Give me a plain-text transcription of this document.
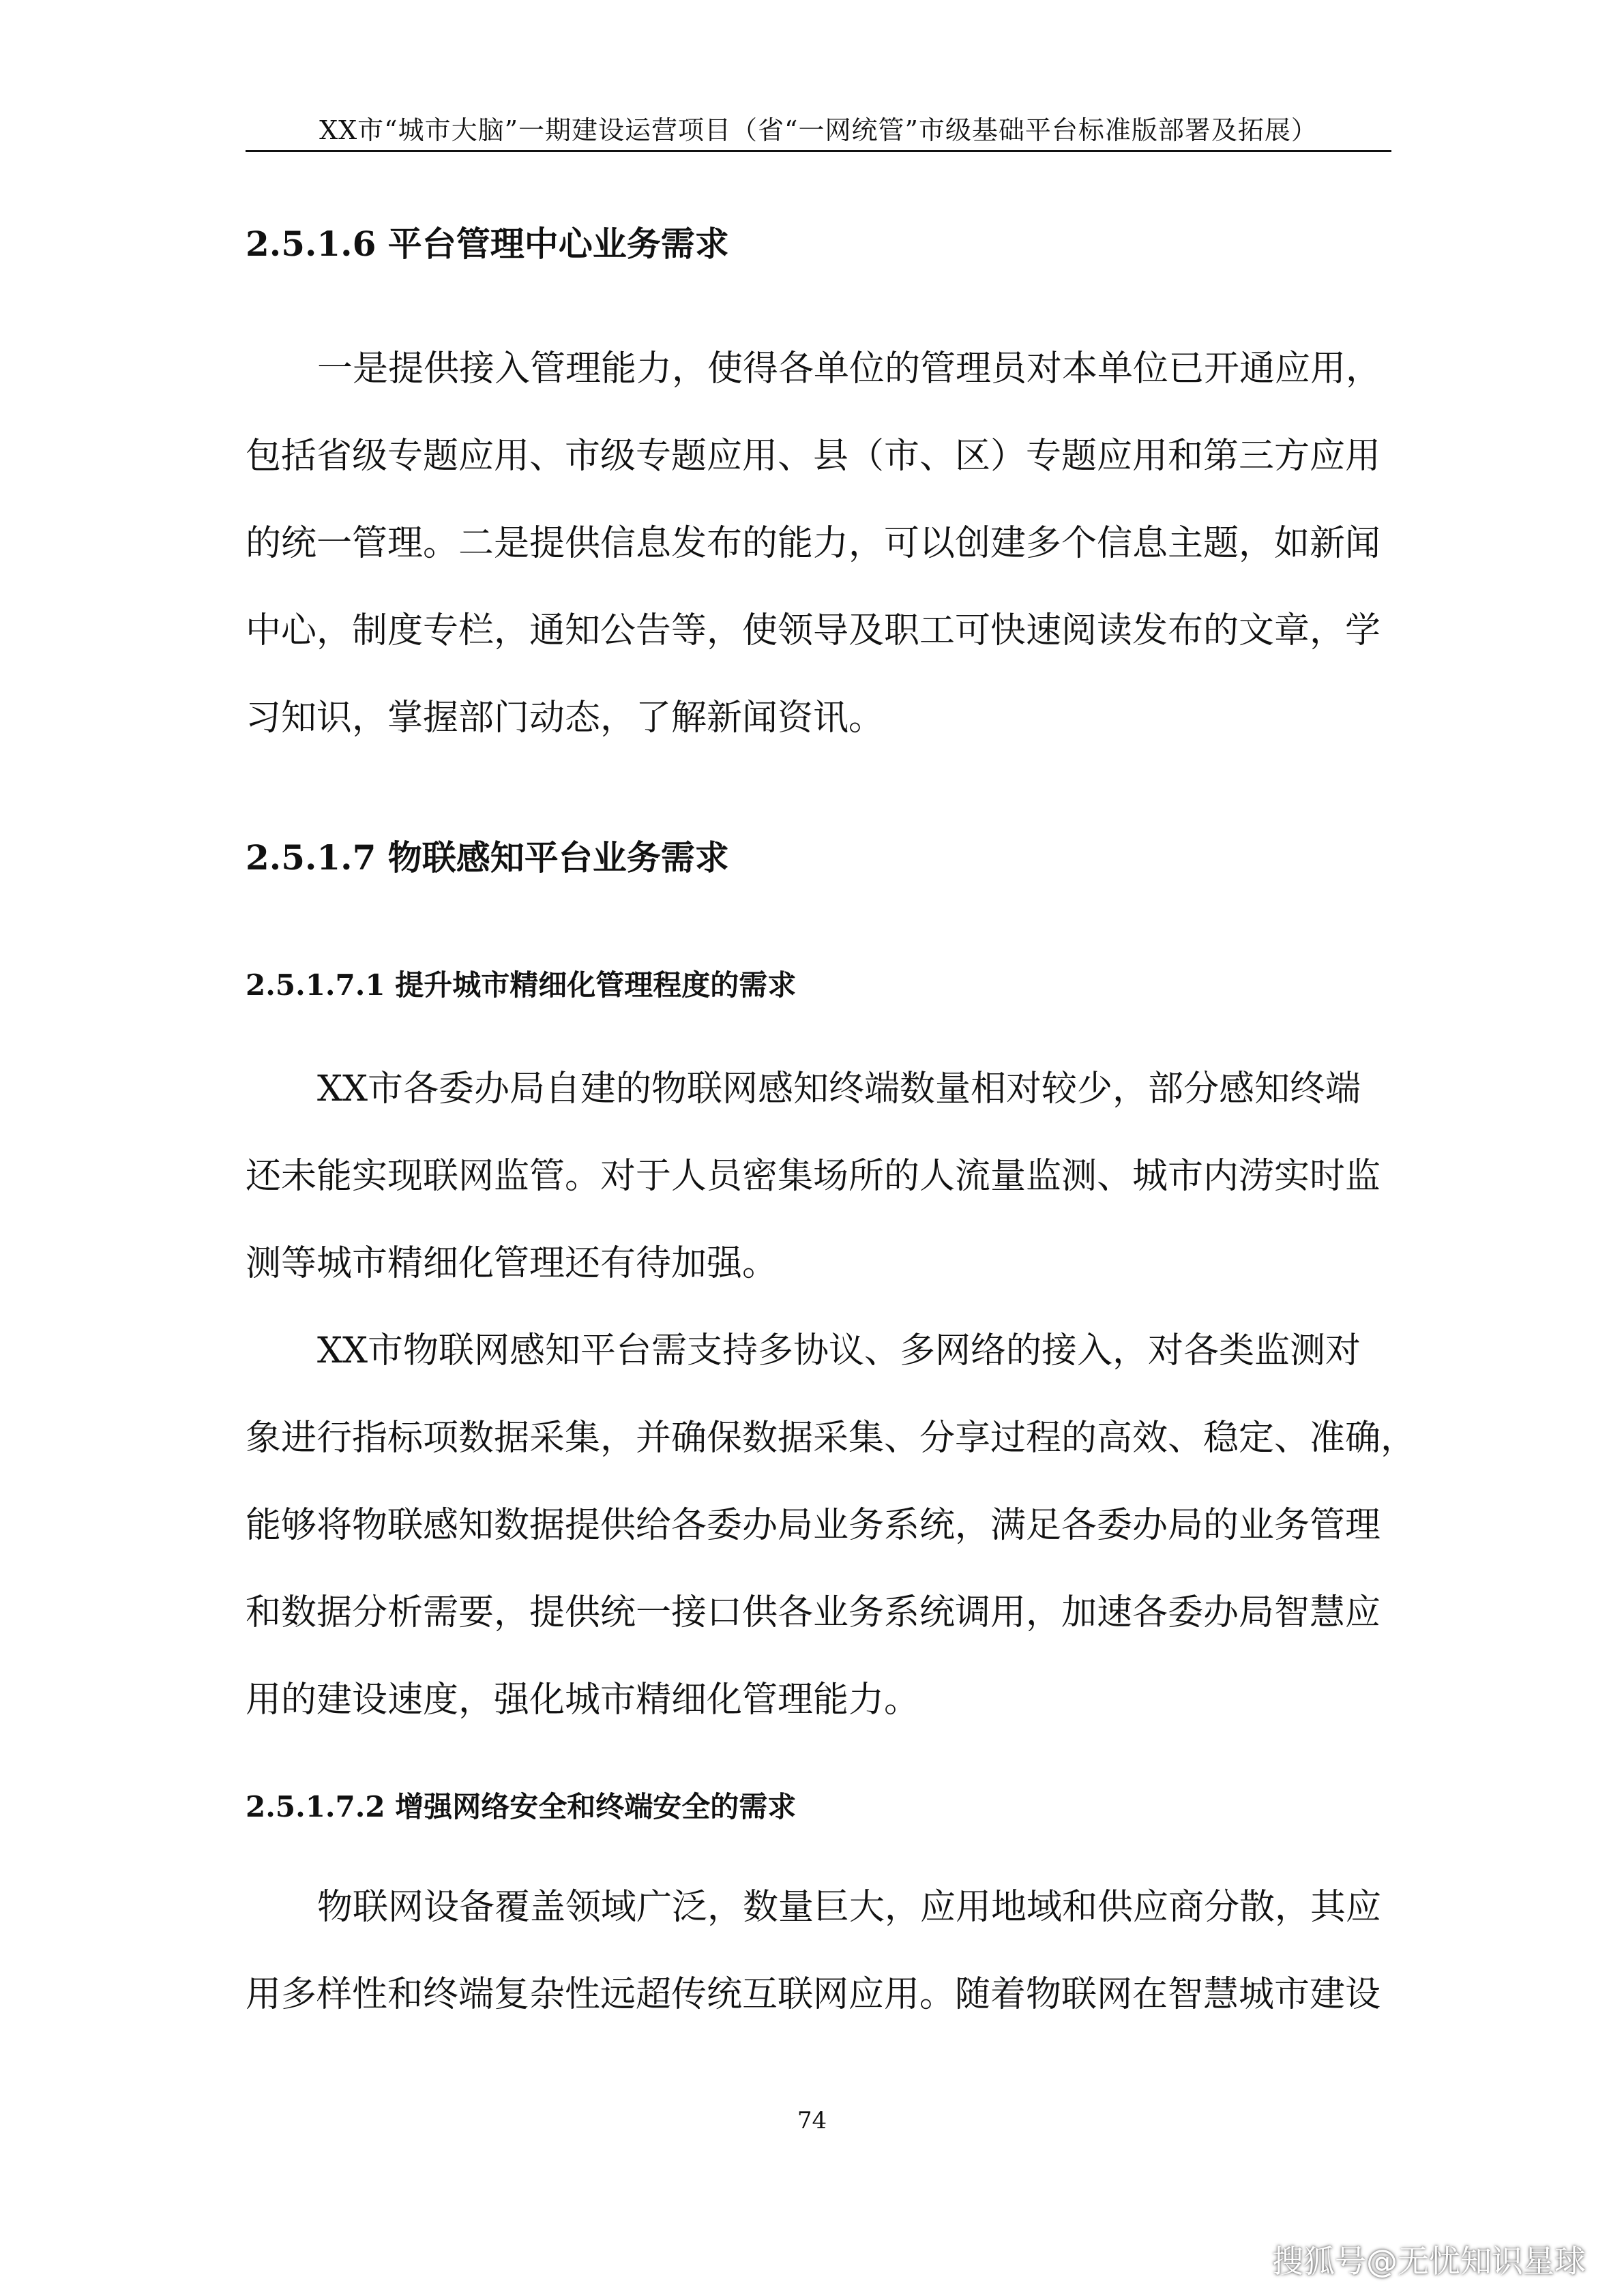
XX市“城市大脑”一期建设运营项目（省“一网统管”市级基础平台标准版部署及拓展）
2.5.1.6 平台管理中心业务需求
一是提供接入管理能力，使得各单位的管理员对本单位已开通应用，
包括省级专题应用、市级专题应用、县（市、区）专题应用和第三方应用
的统一管理。二是提供信息发布的能力，可以创建多个信息主题，如新闻
中心，制度专栏，通知公告等，使领导及职工可快速阅读发布的文章，学
习知识，掌握部门动态，了解新闻资讯。
2.5.1.7 物联感知平台业务需求
2.5.1.7.1 提升城市精细化管理程度的需求
XX市各委办局自建的物联网感知终端数量相对较少，部分感知终端
还未能实现联网监管。对于人员密集场所的人流量监测、城市内涝实时监
测等城市精细化管理还有待加强。
XX市物联网感知平台需支持多协议、多网络的接入，对各类监测对
象进行指标项数据采集，并确保数据采集、分享过程的高效、稳定、准确，
能够将物联感知数据提供给各委办局业务系统，满足各委办局的业务管理
和数据分析需要，提供统一接口供各业务系统调用，加速各委办局智慧应
用的建设速度，强化城市精细化管理能力。
2.5.1.7.2 增强网络安全和终端安全的需求
物联网设备覆盖领域广泛，数量巨大，应用地域和供应商分散，其应
用多样性和终端复杂性远超传统互联网应用。随着物联网在智慧城市建设
74
搜狐号@无忧知识星球
